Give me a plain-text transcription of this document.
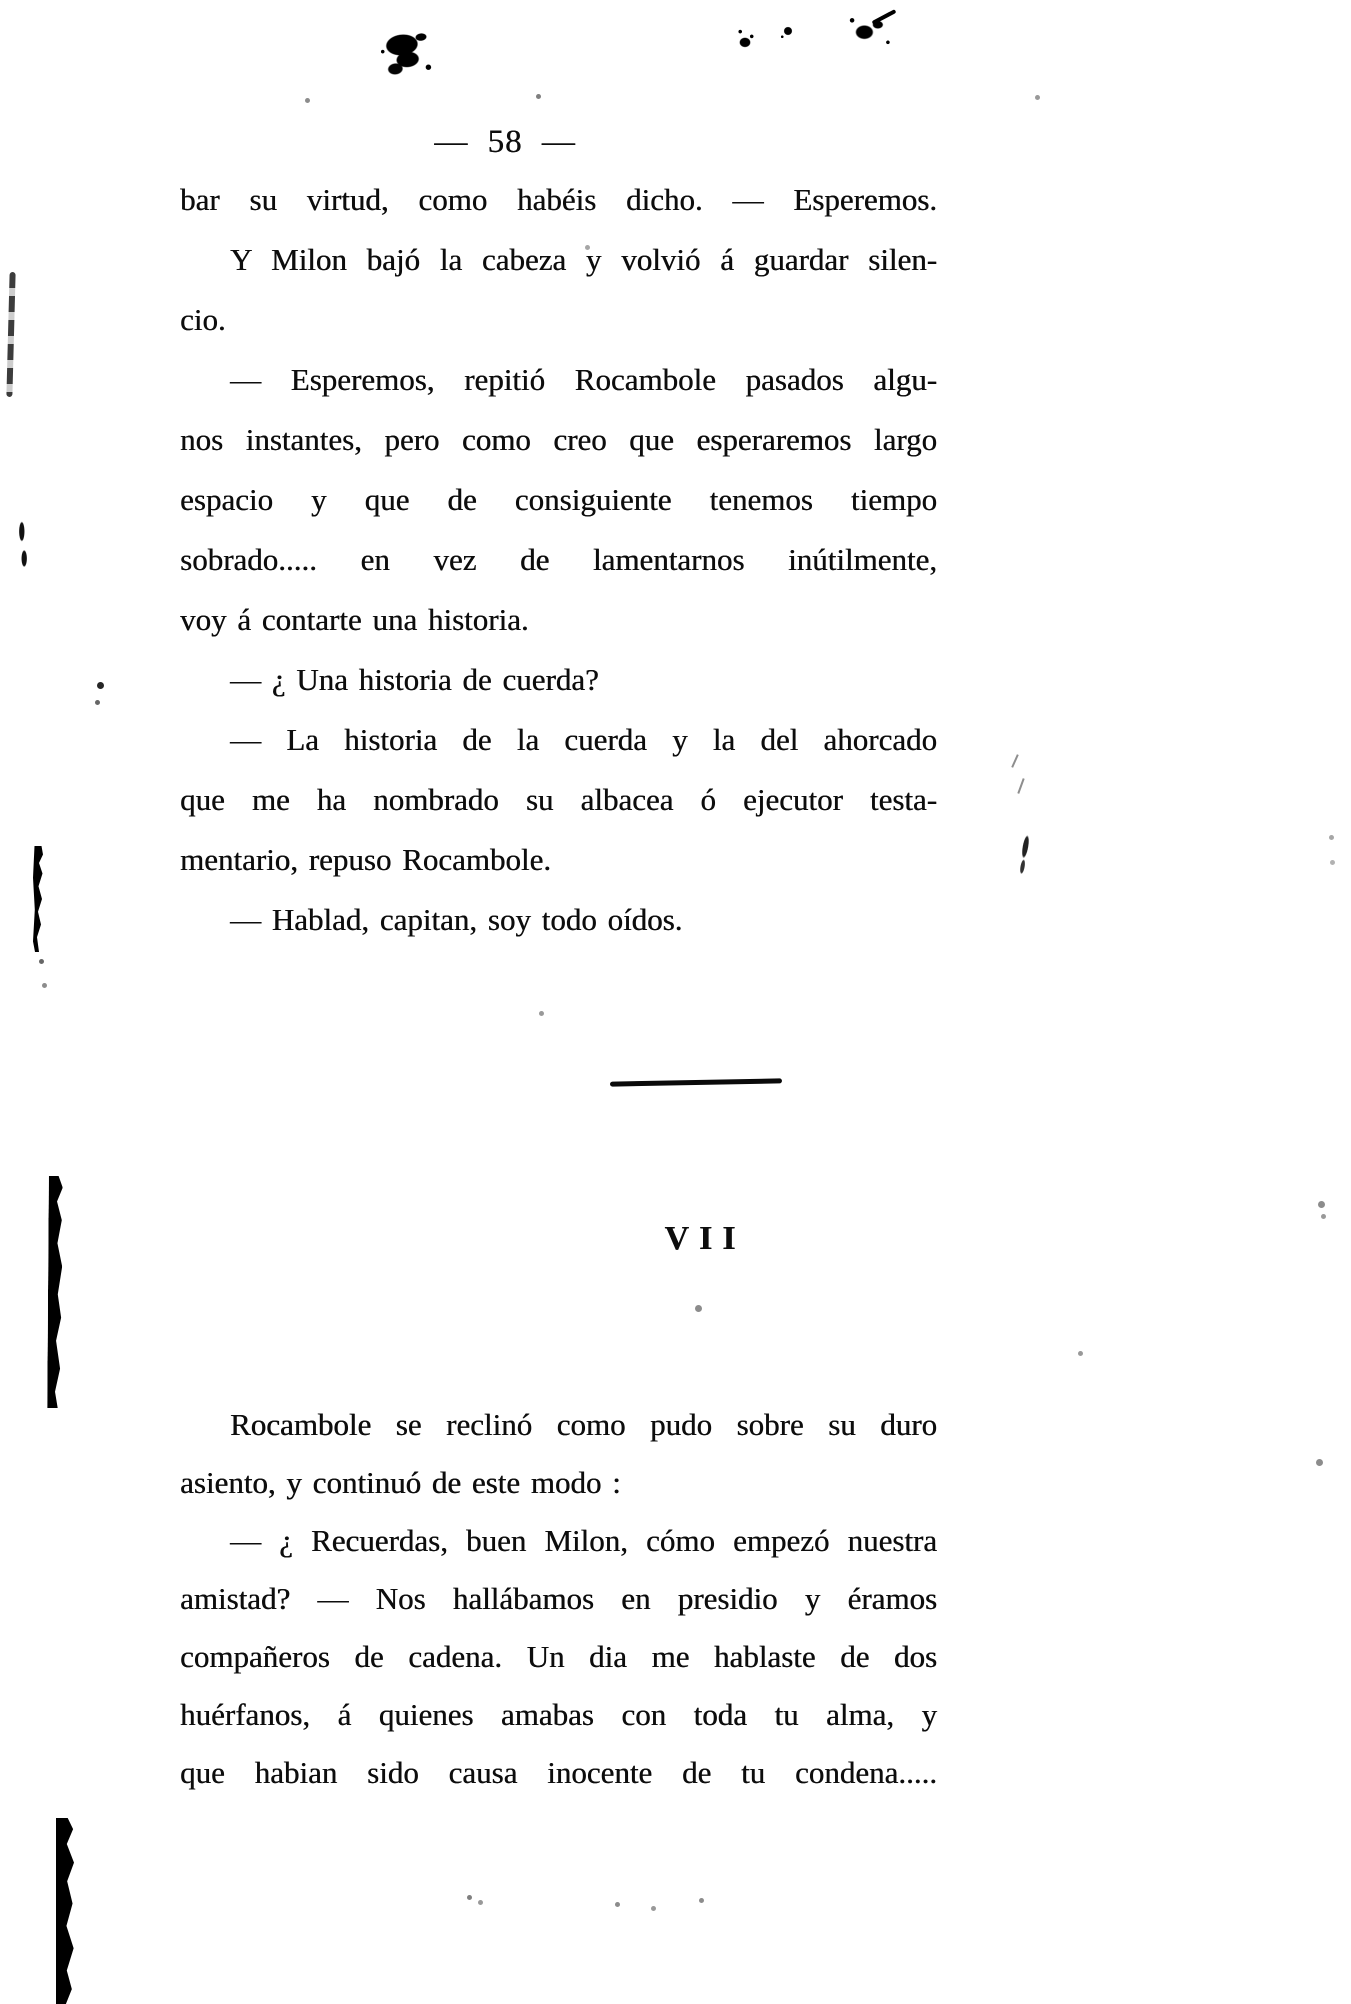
— 58 —

bar su virtud, como habéis dicho. — Esperemos.

Y Milon bajó la cabeza y volvió á guardar silen-

cio.

— Esperemos, repitió Rocambole pasados algu-

nos instantes, pero como creo que esperaremos largo

espacio y que de consiguiente tenemos tiempo

sobrado..... en vez de lamentarnos inútilmente,

voy á contarte una historia.

— ¿ Una historia de cuerda?

— La historia de la cuerda y la del ahorcado

que me ha nombrado su albacea ó ejecutor testa-

mentario, repuso Rocambole.

— Hablad, capitan, soy todo oídos.

VII

Rocambole se reclinó como pudo sobre su duro

asiento, y continuó de este modo :

— ¿ Recuerdas, buen Milon, cómo empezó nuestra

amistad? — Nos hallábamos en presidio y éramos

compañeros de cadena. Un dia me hablaste de dos

huérfanos, á quienes amabas con toda tu alma, y

que habian sido causa inocente de tu condena.....
